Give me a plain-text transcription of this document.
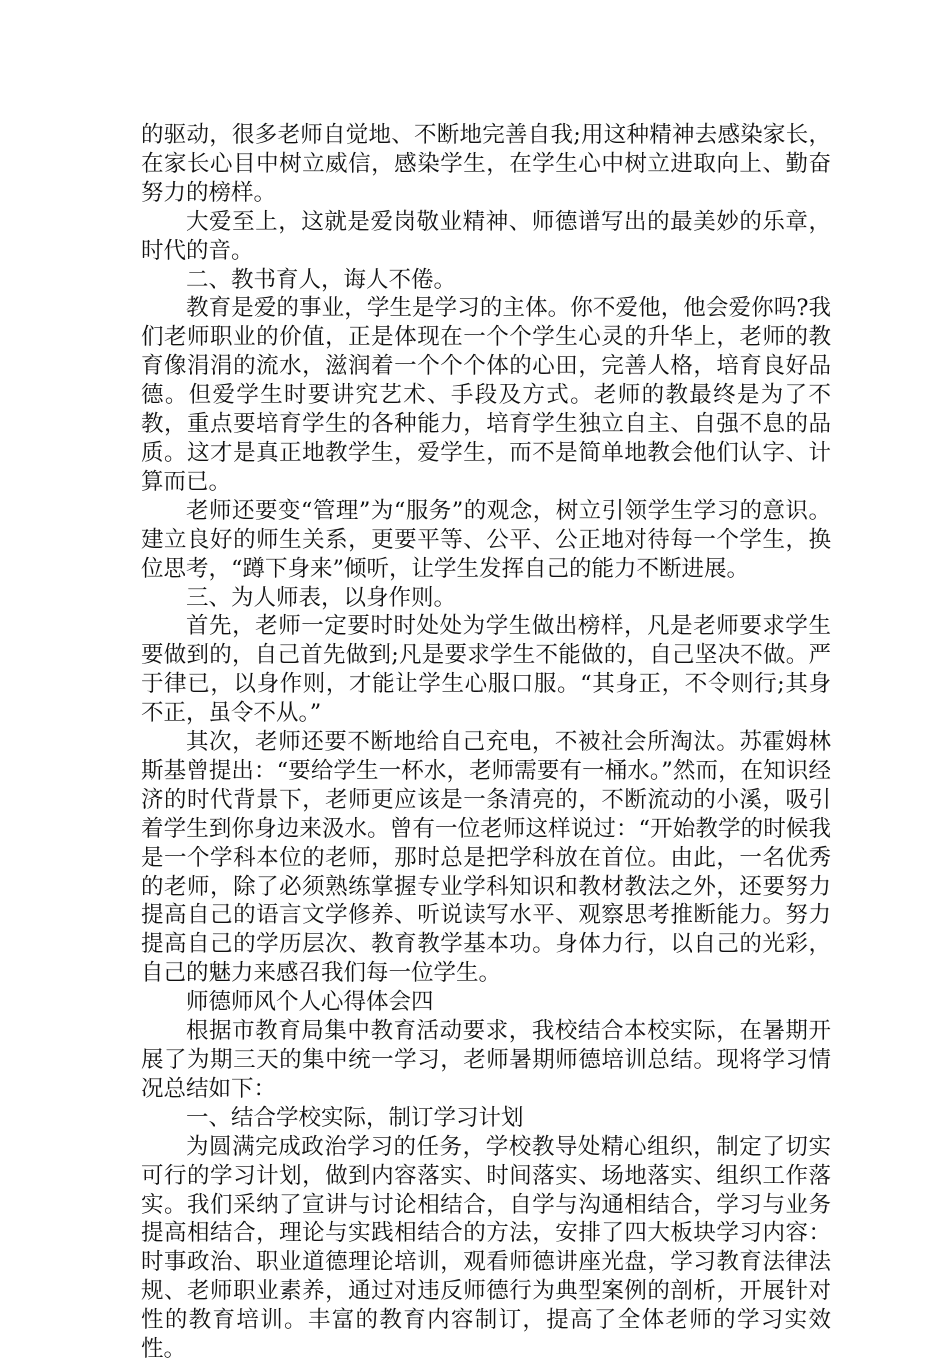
的驱动，很多老师自觉地、不断地完善自我;用这种精神去感染家长，在家长心目中树立威信，感染学生，在学生心中树立进取向上、勤奋努力的榜样。

大爱至上，这就是爱岗敬业精神、师德谱写出的最美妙的乐章，时代的音。

二、教书育人，诲人不倦。

教育是爱的事业，学生是学习的主体。你不爱他，他会爱你吗?我们老师职业的价值，正是体现在一个个学生心灵的升华上，老师的教育像涓涓的流水，滋润着一个个个体的心田，完善人格，培育良好品德。但爱学生时要讲究艺术、手段及方式。老师的教最终是为了不教，重点要培育学生的各种能力，培育学生独立自主、自强不息的品质。这才是真正地教学生，爱学生，而不是简单地教会他们认字、计算而已。

老师还要变“管理”为“服务”的观念，树立引领学生学习的意识。建立良好的师生关系，更要平等、公平、公正地对待每一个学生，换位思考，“蹲下身来”倾听，让学生发挥自己的能力不断进展。

三、为人师表，以身作则。

首先，老师一定要时时处处为学生做出榜样，凡是老师要求学生要做到的，自己首先做到;凡是要求学生不能做的，自己坚决不做。严于律已，以身作则，才能让学生心服口服。“其身正，不令则行;其身不正，虽令不从。”

其次，老师还要不断地给自己充电，不被社会所淘汰。苏霍姆林斯基曾提出：“要给学生一杯水，老师需要有一桶水。”然而，在知识经济的时代背景下，老师更应该是一条清亮的，不断流动的小溪，吸引着学生到你身边来汲水。曾有一位老师这样说过：“开始教学的时候我是一个学科本位的老师，那时总是把学科放在首位。由此，一名优秀的老师，除了必须熟练掌握专业学科知识和教材教法之外，还要努力提高自己的语言文学修养、听说读写水平、观察思考推断能力。努力提高自己的学历层次、教育教学基本功。身体力行，以自己的光彩，自己的魅力来感召我们每一位学生。

师德师风个人心得体会四

根据市教育局集中教育活动要求，我校结合本校实际，在暑期开展了为期三天的集中统一学习，老师暑期师德培训总结。现将学习情况总结如下：

一、结合学校实际，制订学习计划

为圆满完成政治学习的任务，学校教导处精心组织，制定了切实可行的学习计划，做到内容落实、时间落实、场地落实、组织工作落实。我们采纳了宣讲与讨论相结合，自学与沟通相结合，学习与业务提高相结合，理论与实践相结合的方法，安排了四大板块学习内容：时事政治、职业道德理论培训，观看师德讲座光盘，学习教育法律法规、老师职业素养，通过对违反师德行为典型案例的剖析，开展针对性的教育培训。丰富的教育内容制订，提高了全体老师的学习实效性。
